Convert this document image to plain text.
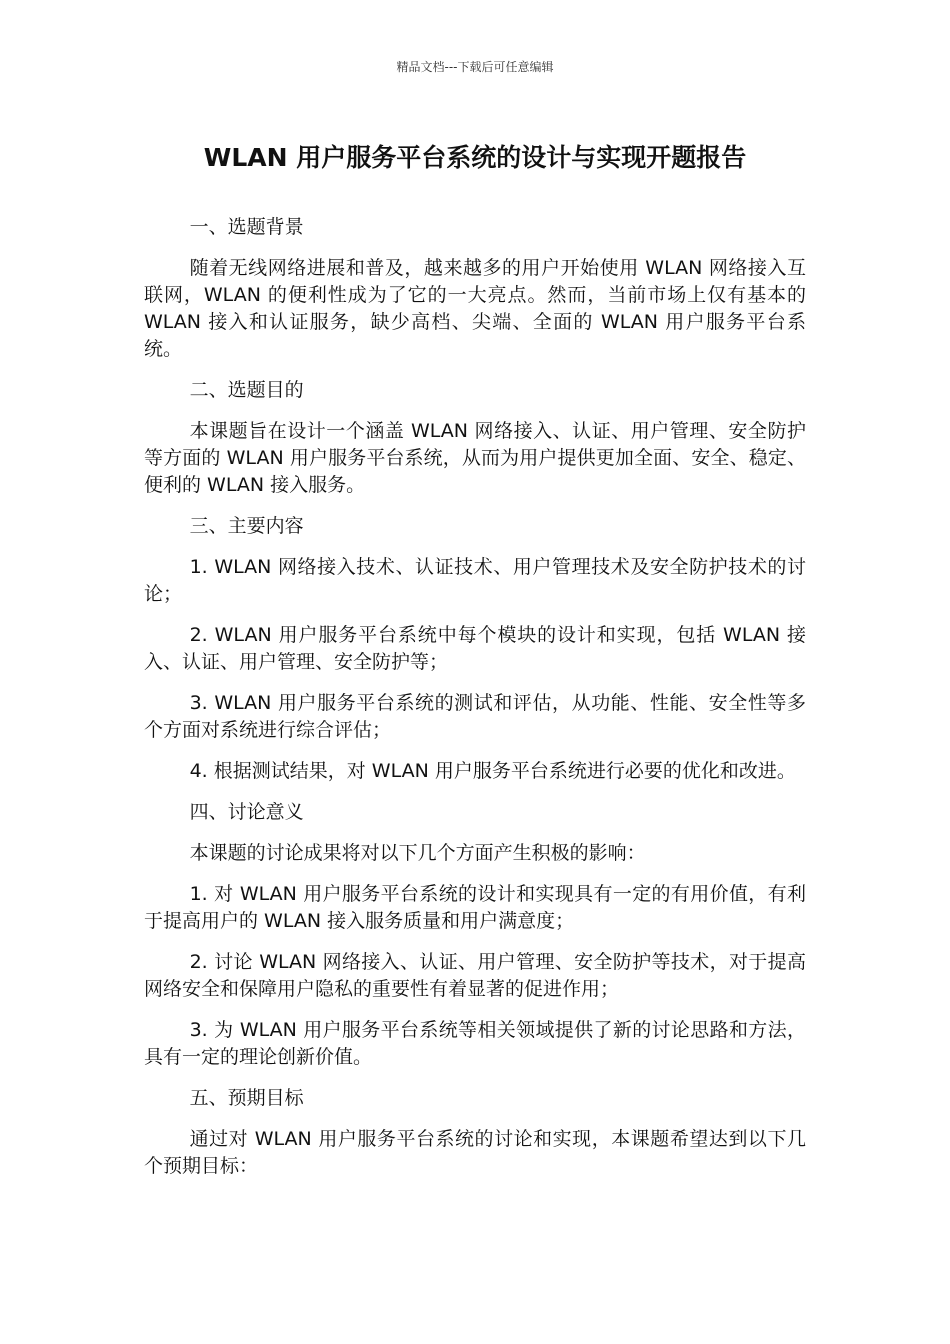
精品文档---下载后可任意编辑
WLAN 用户服务平台系统的设计与实现开题报告

一、选题背景

随着无线网络进展和普及，越来越多的用户开始使用 WLAN 网络接入互联网，WLAN 的便利性成为了它的一大亮点。然而，当前市场上仅有基本的 WLAN 接入和认证服务，缺少高档、尖端、全面的 WLAN 用户服务平台系统。

二、选题目的

本课题旨在设计一个涵盖 WLAN 网络接入、认证、用户管理、安全防护等方面的 WLAN 用户服务平台系统，从而为用户提供更加全面、安全、稳定、便利的 WLAN 接入服务。

三、主要内容

1. WLAN 网络接入技术、认证技术、用户管理技术及安全防护技术的讨论；

2. WLAN 用户服务平台系统中每个模块的设计和实现，包括 WLAN 接入、认证、用户管理、安全防护等；

3. WLAN 用户服务平台系统的测试和评估，从功能、性能、安全性等多个方面对系统进行综合评估；

4. 根据测试结果，对 WLAN 用户服务平台系统进行必要的优化和改进。

四、讨论意义

本课题的讨论成果将对以下几个方面产生积极的影响：

1. 对 WLAN 用户服务平台系统的设计和实现具有一定的有用价值，有利于提高用户的 WLAN 接入服务质量和用户满意度；

2. 讨论 WLAN 网络接入、认证、用户管理、安全防护等技术，对于提高网络安全和保障用户隐私的重要性有着显著的促进作用；

3. 为 WLAN 用户服务平台系统等相关领域提供了新的讨论思路和方法，具有一定的理论创新价值。

五、预期目标

通过对 WLAN 用户服务平台系统的讨论和实现，本课题希望达到以下几个预期目标：
